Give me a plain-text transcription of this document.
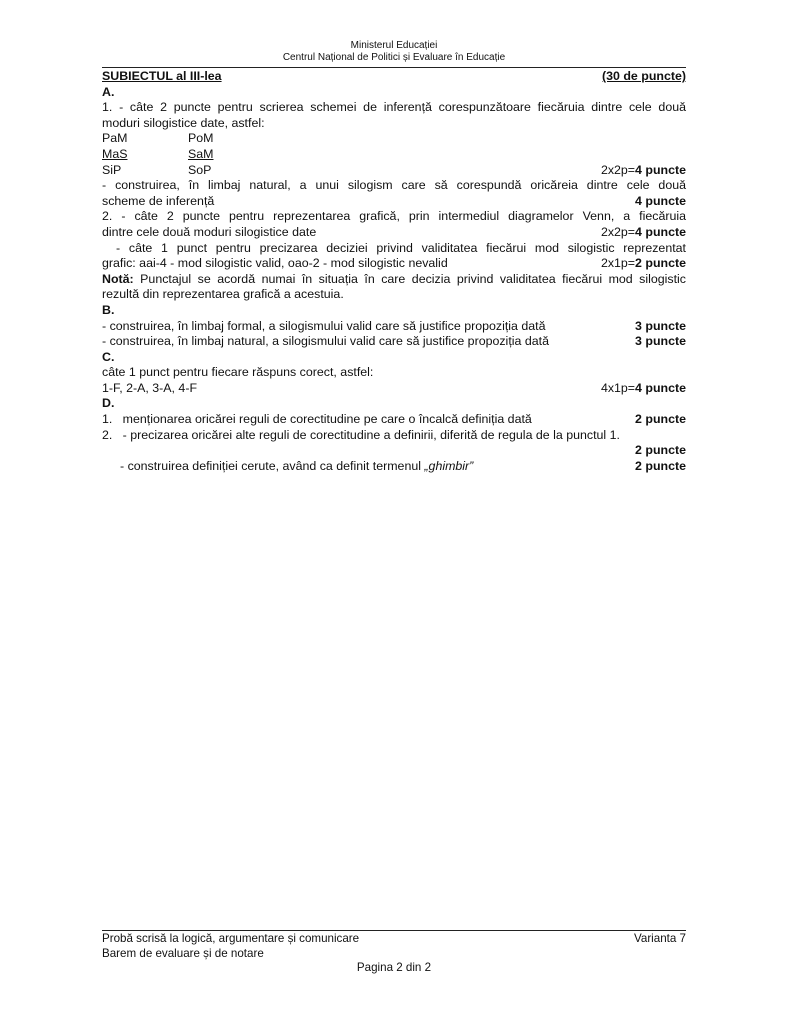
Ministerul Educației
Centrul Național de Politici și Evaluare în Educație
SUBIECTUL al III-lea	(30 de puncte)
A.
1. - câte 2 puncte pentru scrierea schemei de inferență corespunzătoare fiecăruia dintre cele două
moduri silogistice date, astfel:
PaM	PoM
MaS	SaM
SiP	SoP	2x2p=4 puncte
- construirea, în limbaj natural, a unui silogism care să corespundă oricăreia dintre cele două
scheme de inferență	4 puncte
2. - câte 2 puncte pentru reprezentarea grafică, prin intermediul diagramelor Venn, a fiecăruia
dintre cele două moduri silogistice date	2x2p=4 puncte
- câte 1 punct pentru precizarea deciziei privind validitatea fiecărui mod silogistic reprezentat
grafic: aai-4 - mod silogistic valid, oao-2 - mod silogistic nevalid	2x1p=2 puncte
Notă: Punctajul se acordă numai în situația în care decizia privind validitatea fiecărui mod silogistic
rezultă din reprezentarea grafică a acestuia.
B.
- construirea, în limbaj formal, a silogismului valid care să justifice propoziția dată	3 puncte
- construirea, în limbaj natural, a silogismului valid care să justifice propoziția dată	3 puncte
C.
câte 1 punct pentru fiecare răspuns corect, astfel:
1-F, 2-A, 3-A, 4-F	4x1p=4 puncte
D.
1.   menționarea oricărei reguli de corectitudine pe care o încalcă definiția dată	2 puncte
2.   - precizarea oricărei alte reguli de corectitudine a definirii, diferită de regula de la punctul 1.
2 puncte
- construirea definiției cerute, având ca definit termenul „ghimbir”	2 puncte
Probă scrisă la logică, argumentare și comunicare	Varianta 7
Barem de evaluare și de notare
Pagina 2 din 2
